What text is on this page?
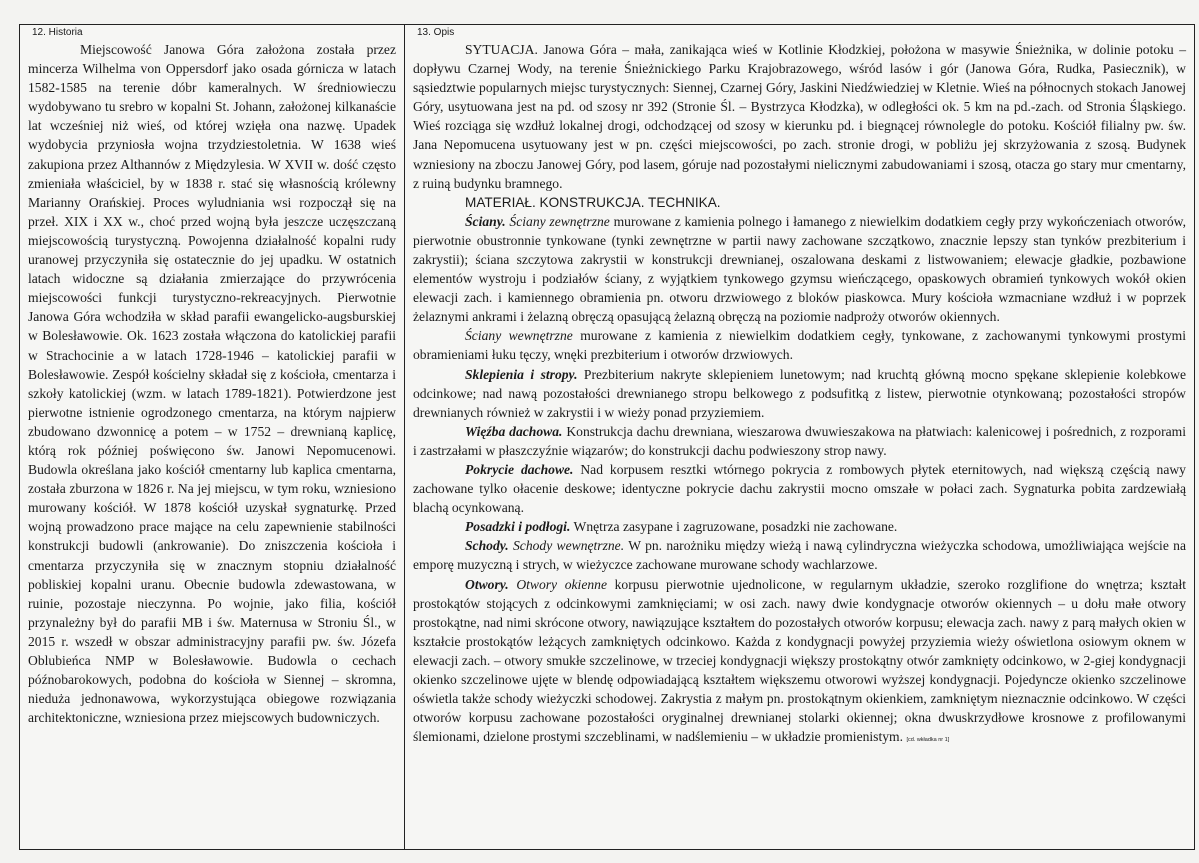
12. Historia

Miejscowość Janowa Góra założona została przez mincerza Wilhelma von Oppersdorf jako osada górnicza w latach 1582-1585 na terenie dóbr kameralnych. W średniowieczu wydobywano tu srebro w kopalni St. Johann, założonej kilkanaście lat wcześniej niż wieś, od której wzięła ona nazwę. Upadek wydobycia przyniosła wojna trzydziestoletnia. W 1638 wieś zakupiona przez Althannów z Międzylesia. W XVII w. dość często zmieniała właściciel, by w 1838 r. stać się własnością królewny Marianny Orańskiej. Proces wyludniania wsi rozpoczął się na przeł. XIX i XX w., choć przed wojną była jeszcze uczęszczaną miejscowością turystyczną. Powojenna działalność kopalni rudy uranowej przyczyniła się ostatecznie do jej upadku. W ostatnich latach widoczne są działania zmierzające do przywrócenia miejscowości funkcji turystyczno-rekreacyjnych. Pierwotnie Janowa Góra wchodziła w skład parafii ewangelicko-augsburskiej w Bolesławowie. Ok. 1623 została włączona do katolickiej parafii w Strachocinie a w latach 1728-1946 – katolickiej parafii w Bolesławowie. Zespół kościelny składał się z kościoła, cmentarza i szkoły katolickiej (wzm. w latach 1789-1821). Potwierdzone jest pierwotne istnienie ogrodzonego cmentarza, na którym najpierw zbudowano dzwonnicę a potem – w 1752 – drewnianą kaplicę, którą rok później poświęcono św. Janowi Nepomucenowi. Budowla określana jako kościół cmentarny lub kaplica cmentarna, została zburzona w 1826 r. Na jej miejscu, w tym roku, wzniesiono murowany kościół. W 1878 kościół uzyskał sygnaturkę. Przed wojną prowadzono prace mające na celu zapewnienie stabilności konstrukcji budowli (ankrowanie). Do zniszczenia kościoła i cmentarza przyczyniła się w znacznym stopniu działalność pobliskiej kopalni uranu. Obecnie budowla zdewastowana, w ruinie, pozostaje nieczynna. Po wojnie, jako filia, kościół przynależny był do parafii MB i św. Maternusa w Stroniu Śl., w 2015 r. wszedł w obszar administracyjny parafii pw. św. Józefa Oblubieńca NMP w Bolesławowie. Budowla o cechach późnobarokowych, podobna do kościoła w Siennej – skromna, nieduża jednonawowa, wykorzystująca obiegowe rozwiązania architektoniczne, wzniesiona przez miejscowych budowniczych.

13. Opis

SYTUACJA. Janowa Góra – mała, zanikająca wieś w Kotlinie Kłodzkiej, położona w masywie Śnieżnika, w dolinie potoku – dopływu Czarnej Wody, na terenie Śnieżnickiego Parku Krajobrazowego, wśród lasów i gór (Janowa Góra, Rudka, Pasiecznik), w sąsiedztwie popularnych miejsc turystycznych: Siennej, Czarnej Góry, Jaskini Niedźwiedziej w Kletnie. Wieś na północnych stokach Janowej Góry, usytuowana jest na pd. od szosy nr 392 (Stronie Śl. – Bystrzyca Kłodzka), w odległości ok. 5 km na pd.-zach. od Stronia Śląskiego. Wieś rozciąga się wzdłuż lokalnej drogi, odchodzącej od szosy w kierunku pd. i biegnącej równolegle do potoku. Kościół filialny pw. św. Jana Nepomucena usytuowany jest w pn. części miejscowości, po zach. stronie drogi, w pobliżu jej skrzyżowania z szosą. Budynek wzniesiony na zboczu Janowej Góry, pod lasem, góruje nad pozostałymi nielicznymi zabudowaniami i szosą, otacza go stary mur cmentarny, z ruiną budynku bramnego.

MATERIAŁ. KONSTRUKCJA. TECHNIKA.

Ściany. Ściany zewnętrzne murowane z kamienia polnego i łamanego z niewielkim dodatkiem cegły przy wykończeniach otworów, pierwotnie obustronnie tynkowane (tynki zewnętrzne w partii nawy zachowane szczątkowo, znacznie lepszy stan tynków prezbiterium i zakrystii); ściana szczytowa zakrystii w konstrukcji drewnianej, oszalowana deskami z listwowaniem; elewacje gładkie, pozbawione elementów wystroju i podziałów ściany, z wyjątkiem tynkowego gzymsu wieńczącego, opaskowych obramień tynkowych wokół okien elewacji zach. i kamiennego obramienia pn. otworu drzwiowego z bloków piaskowca. Mury kościoła wzmacniane wzdłuż i w poprzek żelaznymi ankrami i żelazną obręczą opasującą żelazną obręczą na poziomie nadproży otworów okiennych.

Ściany wewnętrzne murowane z kamienia z niewielkim dodatkiem cegły, tynkowane, z zachowanymi tynkowymi prostymi obramieniami łuku tęczy, wnęki prezbiterium i otworów drzwiowych.

Sklepienia i stropy. Prezbiterium nakryte sklepieniem lunetowym; nad kruchtą główną mocno spękane sklepienie kolebkowe odcinkowe; nad nawą pozostałości drewnianego stropu belkowego z podsufitką z listew, pierwotnie otynkowaną; pozostałości stropów drewnianych również w zakrystii i w wieży ponad przyziemiem.

Więźba dachowa. Konstrukcja dachu drewniana, wieszarowa dwuwieszakowa na płatwiach: kalenicowej i pośrednich, z rozporami i zastrzałami w płaszczyźnie wiązarów; do konstrukcji dachu podwieszony strop nawy.

Pokrycie dachowe. Nad korpusem resztki wtórnego pokrycia z rombowych płytek eternitowych, nad większą częścią nawy zachowane tylko ołacenie deskowe; identyczne pokrycie dachu zakrystii mocno omszałe w połaci zach. Sygnaturka pobita zardzewiałą blachą ocynkowaną.

Posadzki i podłogi. Wnętrza zasypane i zagruzowane, posadzki nie zachowane.

Schody. Schody wewnętrzne. W pn. narożniku między wieżą i nawą cylindryczna wieżyczka schodowa, umożliwiająca wejście na emporę muzyczną i strych, w wieżyczce zachowane murowane schody wachlarzowe.

Otwory. Otwory okienne korpusu pierwotnie ujednolicone, w regularnym układzie, szeroko rozglifione do wnętrza; kształt prostokątów stojących z odcinkowymi zamknięciami; w osi zach. nawy dwie kondygnacje otworów okiennych – u dołu małe otwory prostokątne, nad nimi skrócone otwory, nawiązujące kształtem do pozostałych otworów korpusu; elewacja zach. nawy z parą małych okien w kształcie prostokątów leżących zamkniętych odcinkowo. Każda z kondygnacji powyżej przyziemia wieży oświetlona osiowym oknem w elewacji zach. – otwory smukłe szczelinowe, w trzeciej kondygnacji większy prostokątny otwór zamknięty odcinkowo, w 2-giej kondygnacji okienko szczelinowe ujęte w blendę odpowiadającą kształtem większemu otworowi wyższej kondygnacji. Pojedyncze okienko szczelinowe oświetla także schody wieżyczki schodowej. Zakrystia z małym pn. prostokątnym okienkiem, zamkniętym nieznacznie odcinkowo. W części otworów korpusu zachowane pozostałości oryginalnej drewnianej stolarki okiennej; okna dwuskrzydłowe krosnowe z profilowanymi ślemionami, dzielone prostymi szczeblinami, w nadślemieniu – w układzie promienistym. [cd. wkładka nr 1]
